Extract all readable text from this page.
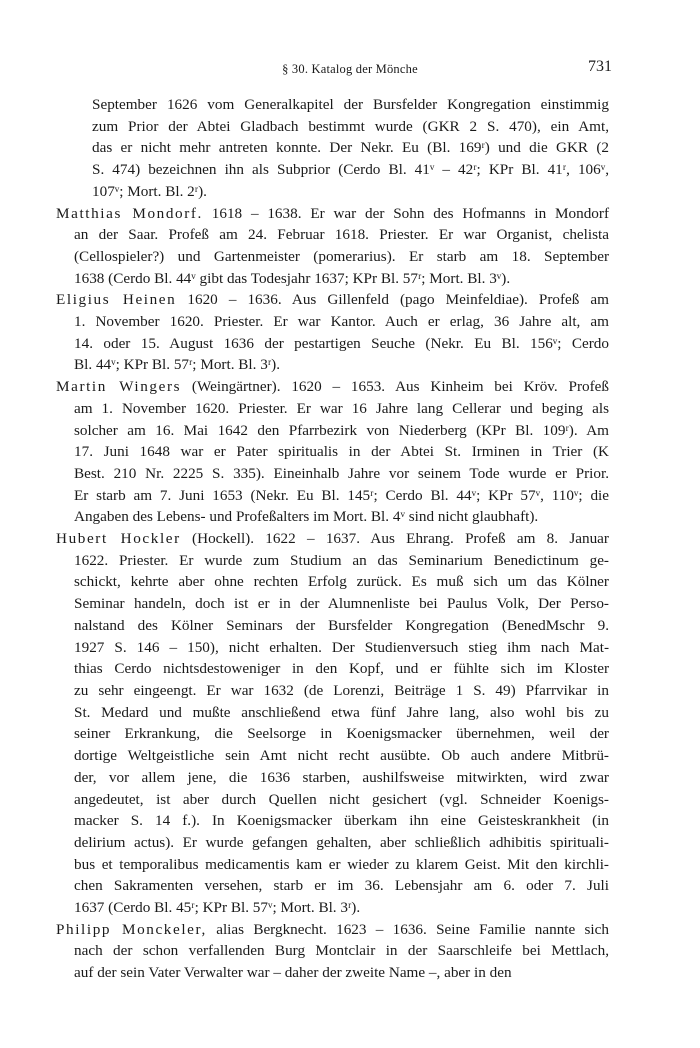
§ 30. Katalog der Mönche	731
September 1626 vom Generalkapitel der Bursfelder Kongregation einstimmig
zum Prior der Abtei Gladbach bestimmt wurde (GKR 2 S. 470), ein Amt,
das er nicht mehr antreten konnte. Der Nekr. Eu (Bl. 169ʳ) und die GKR (2
S. 474) bezeichnen ihn als Subprior (Cerdo Bl. 41ᵛ – 42ʳ; KPr Bl. 41ʳ, 106ᵛ,
107ᵛ; Mort. Bl. 2ʳ).
Matthias Mondorf. 1618 – 1638. Er war der Sohn des Hofmanns in Mondorf
an der Saar. Profeß am 24. Februar 1618. Priester. Er war Organist, chelista
(Cellospieler?) und Gartenmeister (pomerarius). Er starb am 18. September
1638 (Cerdo Bl. 44ᵛ gibt das Todesjahr 1637; KPr Bl. 57ʳ; Mort. Bl. 3ᵛ).
Eligius Heinen 1620 – 1636. Aus Gillenfeld (pago Meinfeldiae). Profeß am
1. November 1620. Priester. Er war Kantor. Auch er erlag, 36 Jahre alt, am
14. oder 15. August 1636 der pestartigen Seuche (Nekr. Eu Bl. 156ᵛ; Cerdo
Bl. 44ᵛ; KPr Bl. 57ʳ; Mort. Bl. 3ʳ).
Martin Wingers (Weingärtner). 1620 – 1653. Aus Kinheim bei Kröv. Profeß
am 1. November 1620. Priester. Er war 16 Jahre lang Cellerar und beging als
solcher am 16. Mai 1642 den Pfarrbezirk von Niederberg (KPr Bl. 109ʳ). Am
17. Juni 1648 war er Pater spiritualis in der Abtei St. Irminen in Trier (K
Best. 210 Nr. 2225 S. 335). Eineinhalb Jahre vor seinem Tode wurde er Prior.
Er starb am 7. Juni 1653 (Nekr. Eu Bl. 145ʳ; Cerdo Bl. 44ᵛ; KPr 57ᵛ, 110ᵛ; die
Angaben des Lebens- und Profeßalters im Mort. Bl. 4ᵛ sind nicht glaubhaft).
Hubert Hockler (Hockell). 1622 – 1637. Aus Ehrang. Profeß am 8. Januar
1622. Priester. Er wurde zum Studium an das Seminarium Benedictinum ge-
schickt, kehrte aber ohne rechten Erfolg zurück. Es muß sich um das Kölner
Seminar handeln, doch ist er in der Alumnenliste bei Paulus Volk, Der Perso-
nalstand des Kölner Seminars der Bursfelder Kongregation (BenedMschr 9.
1927 S. 146 – 150), nicht erhalten. Der Studienversuch stieg ihm nach Mat-
thias Cerdo nichtsdestoweniger in den Kopf, und er fühlte sich im Kloster
zu sehr eingeengt. Er war 1632 (de Lorenzi, Beiträge 1 S. 49) Pfarrvikar in
St. Medard und mußte anschließend etwa fünf Jahre lang, also wohl bis zu
seiner Erkrankung, die Seelsorge in Koenigsmacker übernehmen, weil der
dortige Weltgeistliche sein Amt nicht recht ausübte. Ob auch andere Mitbrü-
der, vor allem jene, die 1636 starben, aushilfsweise mitwirkten, wird zwar
angedeutet, ist aber durch Quellen nicht gesichert (vgl. Schneider Koenigs-
macker S. 14 f.). In Koenigsmacker überkam ihn eine Geisteskrankheit (in
delirium actus). Er wurde gefangen gehalten, aber schließlich adhibitis spirituali-
bus et temporalibus medicamentis kam er wieder zu klarem Geist. Mit den kirchli-
chen Sakramenten versehen, starb er im 36. Lebensjahr am 6. oder 7. Juli
1637 (Cerdo Bl. 45ʳ; KPr Bl. 57ᵛ; Mort. Bl. 3ʳ).
Philipp Monckeler, alias Bergknecht. 1623 – 1636. Seine Familie nannte sich
nach der schon verfallenden Burg Montclair in der Saarschleife bei Mettlach,
auf der sein Vater Verwalter war – daher der zweite Name –, aber in den
